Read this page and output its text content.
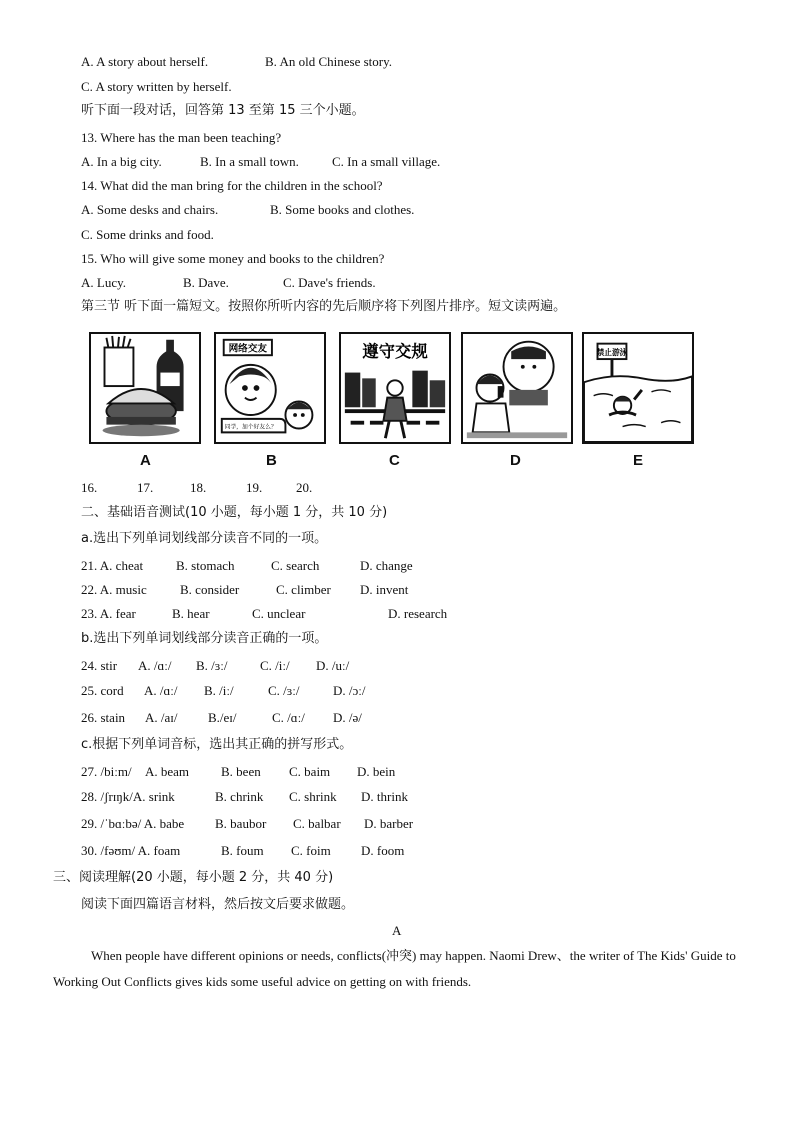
A. A story about herself.	B. An old Chinese story.
C. A story written by herself.
听下面一段对话，回答第 13 至第 15 三个小题。
13. Where has the man been teaching?
A. In a big city.	B. In a small town.	C. In a small village.
14. What did the man bring for the children in the school?
A. Some desks and chairs.	B. Some books and clothes.
C. Some drinks and food.
15. Who will give some money and books to the children?
A. Lucy.	B. Dave.	C. Dave's friends.
第三节 听下面一篇短文。按照你所听内容的先后顺序将下列图片排序。短文读两遍。
网络交友
同学，加个好友么？
遵守交规	禁止游泳
A	B	C	D	E
16.	17.	18.	19.	20.
二、基础语音测试(10 小题，每小题 1 分，共 10 分)
a.选出下列单词划线部分读音不同的一项。
21. A. cheat	B. stomach	C. search	D. change
22. A. music	B. consider	C. climber D. invent
23. A. fear	B. hear	C. unclear	D. research
b.选出下列单词划线部分读音正确的一项。
24. stir A. /ɑː/ B. /ɜː/	C. /iː/ D. /uː/
25. cord A. /ɑː/ B. /iː/	C. /ɜː/	D. /ɔː/
26. stain A. /aɪ/ B./eɪ/	C. /ɑː/ D. /ə/
c.根据下列单词音标，选出其正确的拼写形式。
27. /biːm/ A. beam B. been C. baim D. bein
28. /ʃrɪŋk/A. srink	B. chrink C. shrink D. thrink
29. /ˈbɑːbə/ A. babe B. baubor C. balbar D. barber
30. /fəʊm/ A. foam	B. foum C. foim D. foom
三、阅读理解(20 小题，每小题 2 分，共 40 分)
阅读下面四篇语言材料，然后按文后要求做题。
A
When people have different opinions or needs, conflicts(冲突) may happen. Naomi Drew、the writer of The Kids' Guide to Working Out Conflicts gives kids some useful advice on getting on with friends.
